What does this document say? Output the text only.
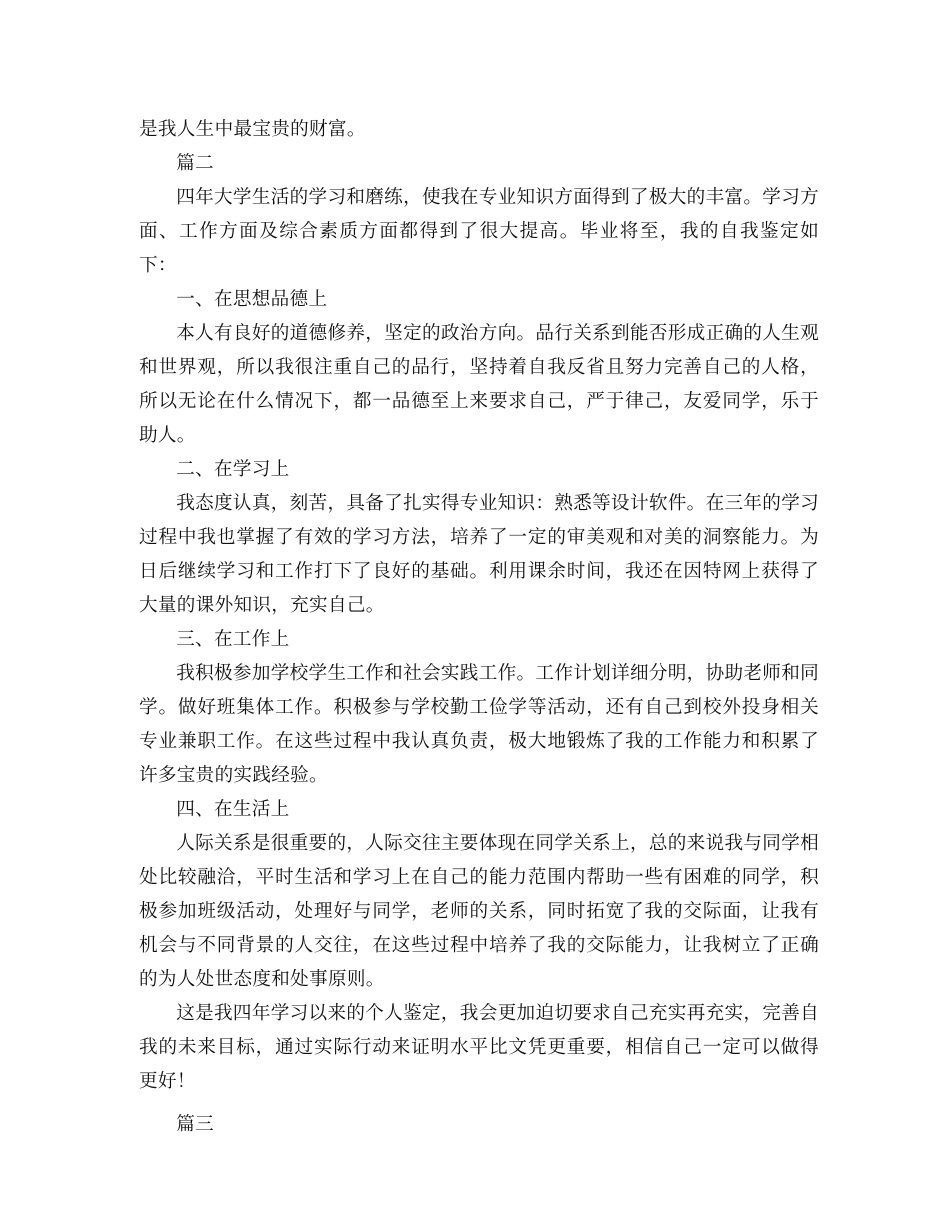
是我人生中最宝贵的财富。

篇二

四年大学生活的学习和磨练，使我在专业知识方面得到了极大的丰富。学习方面、工作方面及综合素质方面都得到了很大提高。毕业将至，我的自我鉴定如下：

一、在思想品德上

本人有良好的道德修养，坚定的政治方向。品行关系到能否形成正确的人生观和世界观，所以我很注重自己的品行，坚持着自我反省且努力完善自己的人格，所以无论在什么情况下，都一品德至上来要求自己，严于律己，友爱同学，乐于助人。

二、在学习上

我态度认真，刻苦，具备了扎实得专业知识：熟悉等设计软件。在三年的学习过程中我也掌握了有效的学习方法，培养了一定的审美观和对美的洞察能力。为日后继续学习和工作打下了良好的基础。利用课余时间，我还在因特网上获得了大量的课外知识，充实自己。

三、在工作上

我积极参加学校学生工作和社会实践工作。工作计划详细分明，协助老师和同学。做好班集体工作。积极参与学校勤工俭学等活动，还有自己到校外投身相关专业兼职工作。在这些过程中我认真负责，极大地锻炼了我的工作能力和积累了许多宝贵的实践经验。

四、在生活上

人际关系是很重要的，人际交往主要体现在同学关系上，总的来说我与同学相处比较融洽，平时生活和学习上在自己的能力范围内帮助一些有困难的同学，积极参加班级活动，处理好与同学，老师的关系，同时拓宽了我的交际面，让我有机会与不同背景的人交往，在这些过程中培养了我的交际能力，让我树立了正确的为人处世态度和处事原则。

这是我四年学习以来的个人鉴定，我会更加迫切要求自己充实再充实，完善自我的未来目标，通过实际行动来证明水平比文凭更重要，相信自己一定可以做得更好！

篇三
